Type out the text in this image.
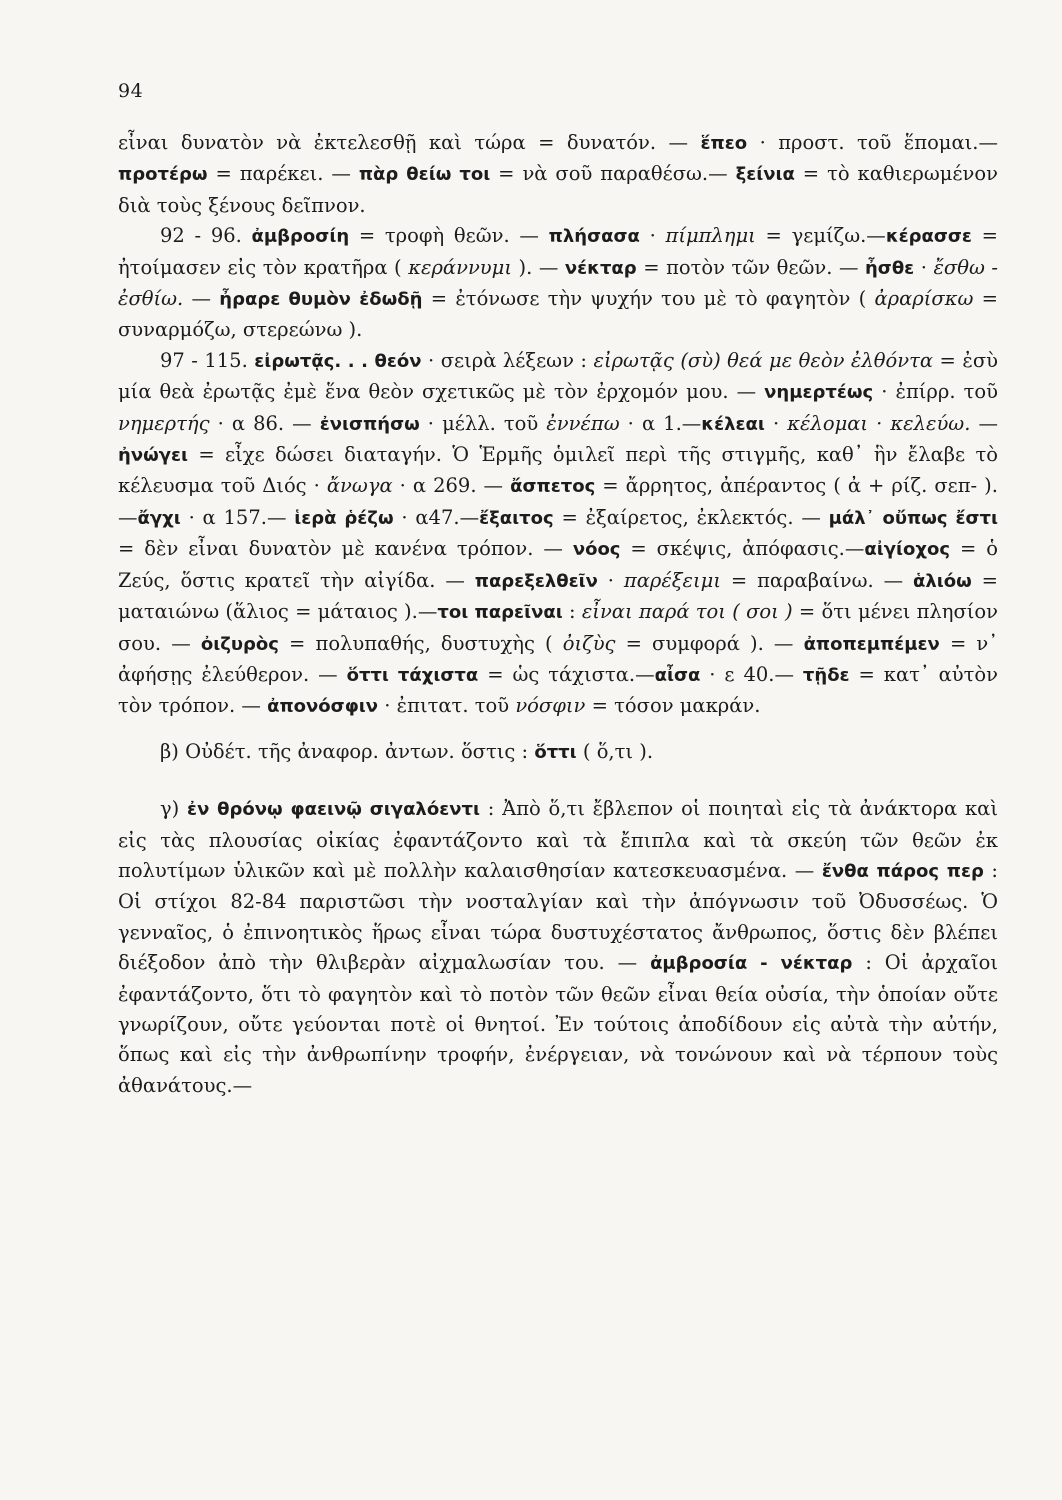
94

εἶναι δυνατὸν νὰ ἐκτελεσθῇ καὶ τώρα = δυνατόν. — ἕπεο · προστ. τοῦ ἕπομαι.— προτέρω = παρέκει. — πὰρ θείω τοι = νὰ σοῦ παραθέσω.— ξείνια = τὸ καθιερωμένον διὰ τοὺς ξένους δεῖπνον.

92 - 96. ἀμβροσίη = τροφὴ θεῶν. — πλήσασα · πίμπλημι = γεμίζω.—κέρασσε = ἠτοίμασεν εἰς τὸν κρατῆρα ( κεράννυμι ). — νέκταρ = ποτὸν τῶν θεῶν. — ἦσθε · ἔσθω - ἐσθίω. — ἦραρε θυμὸν ἐδωδῇ = ἐτόνωσε τὴν ψυχήν του μὲ τὸ φαγητὸν ( ἀραρίσκω = συναρμόζω, στερεώνω ).

97 - 115. εἰρωτᾷς. . . θεόν · σειρὰ λέξεων : εἰρωτᾷς (σὺ) θεά με θεὸν ἐλθόντα = ἐσὺ μία θεὰ ἐρωτᾷς ἐμὲ ἕνα θεὸν σχετικῶς μὲ τὸν ἐρχομόν μου. — νημερτέως · ἐπίρρ. τοῦ νημερτής · α 86. — ἐνισπήσω · μέλλ. τοῦ ἐννέπω · α 1.—κέλεαι · κέλομαι · κελεύω. — ἠνώγει = εἶχε δώσει διαταγήν. Ὁ Ἑρμῆς ὁμιλεῖ περὶ τῆς στιγμῆς, καθ᾽ ἣν ἔλαβε τὸ κέλευσμα τοῦ Διός · ἄνωγα · α 269. — ἄσπετος = ἄρρητος, ἀπέραντος ( ἀ + ρίζ. σεπ- ).—ἄγχι · α 157.— ἱερὰ ῥέζω · α47.—ἔξαιτος = ἐξαίρετος, ἐκλεκτός. — μάλ᾽ οὔπως ἔστι = δὲν εἶναι δυνατὸν μὲ κανένα τρόπον. — νόος = σκέψις, ἀπόφασις.—αἰγίοχος = ὁ Ζεύς, ὅστις κρατεῖ τὴν αἰγίδα. — παρεξελθεῖν · παρέξειμι = παραβαίνω. — ἁλιόω = ματαιώνω (ἅλιος = μάταιος ).—τοι παρεῖναι : εἶναι παρά τοι ( σοι ) = ὅτι μένει πλησίον σου. — ὀιζυρὸς = πολυπαθής, δυστυχὴς ( ὀιζὺς = συμφορά ). — ἀποπεμπέμεν = ν᾽ ἀφήσῃς ἐλεύθερον. — ὅττι τάχιστα = ὡς τάχιστα.—αἶσα · ε 40.— τῇδε = κατ᾽ αὐτὸν τὸν τρόπον. — ἀπονόσφιν · ἐπιτατ. τοῦ νόσφιν = τόσον μακράν.

β) Οὐδέτ. τῆς ἀναφορ. ἀντων. ὅστις : ὅττι ( ὅ,τι ).

γ) ἐν θρόνῳ φαεινῷ σιγαλόεντι : Ἀπὸ ὅ,τι ἔβλεπον οἱ ποιηταὶ εἰς τὰ ἀνάκτορα καὶ εἰς τὰς πλουσίας οἰκίας ἐφαντάζοντο καὶ τὰ ἔπιπλα καὶ τὰ σκεύη τῶν θεῶν ἐκ πολυτίμων ὑλικῶν καὶ μὲ πολλὴν καλαισθησίαν κατεσκευασμένα. — ἔνθα πάρος περ : Οἱ στίχοι 82-84 παριστῶσι τὴν νοσταλγίαν καὶ τὴν ἀπόγνωσιν τοῦ Ὀδυσσέως. Ὁ γενναῖος, ὁ ἐπινοητικὸς ἥρως εἶναι τώρα δυστυχέστατος ἄνθρωπος, ὅστις δὲν βλέπει διέξοδον ἀπὸ τὴν θλιβερὰν αἰχμαλωσίαν του. — ἀμβροσία - νέκταρ : Οἱ ἀρχαῖοι ἐφαντάζοντο, ὅτι τὸ φαγητὸν καὶ τὸ ποτὸν τῶν θεῶν εἶναι θεία οὐσία, τὴν ὁποίαν οὔτε γνωρίζουν, οὔτε γεύονται ποτὲ οἱ θνητοί. Ἐν τούτοις ἀποδίδουν εἰς αὐτὰ τὴν αὐτήν, ὅπως καὶ εἰς τὴν ἀνθρωπίνην τροφήν, ἐνέργειαν, νὰ τονώνουν καὶ νὰ τέρπουν τοὺς ἀθανάτους.—
